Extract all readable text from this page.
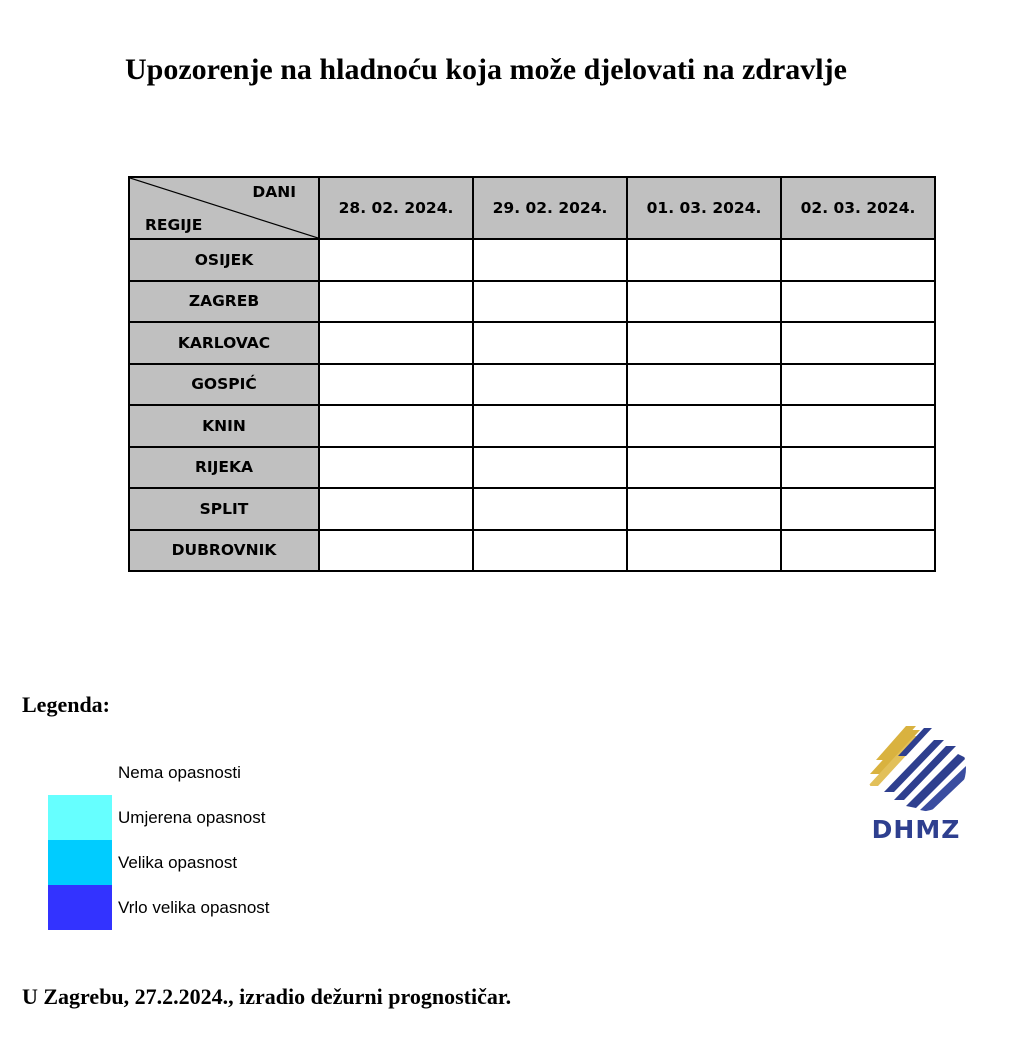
Upozorenje na hladnoću koja može djelovati na zdravlje
DANI
REGIJE	28. 02. 2024.	29. 02. 2024.	01. 03. 2024.	02. 03. 2024.
OSIJEK				
ZAGREB				
KARLOVAC				
GOSPIĆ				
KNIN				
RIJEKA				
SPLIT				
DUBROVNIK				
Legenda:
Nema opasnosti
Umjerena opasnost
Velika opasnost
Vrlo velika opasnost
DHMZ
U Zagrebu, 27.2.2024., izradio dežurni prognostičar.
